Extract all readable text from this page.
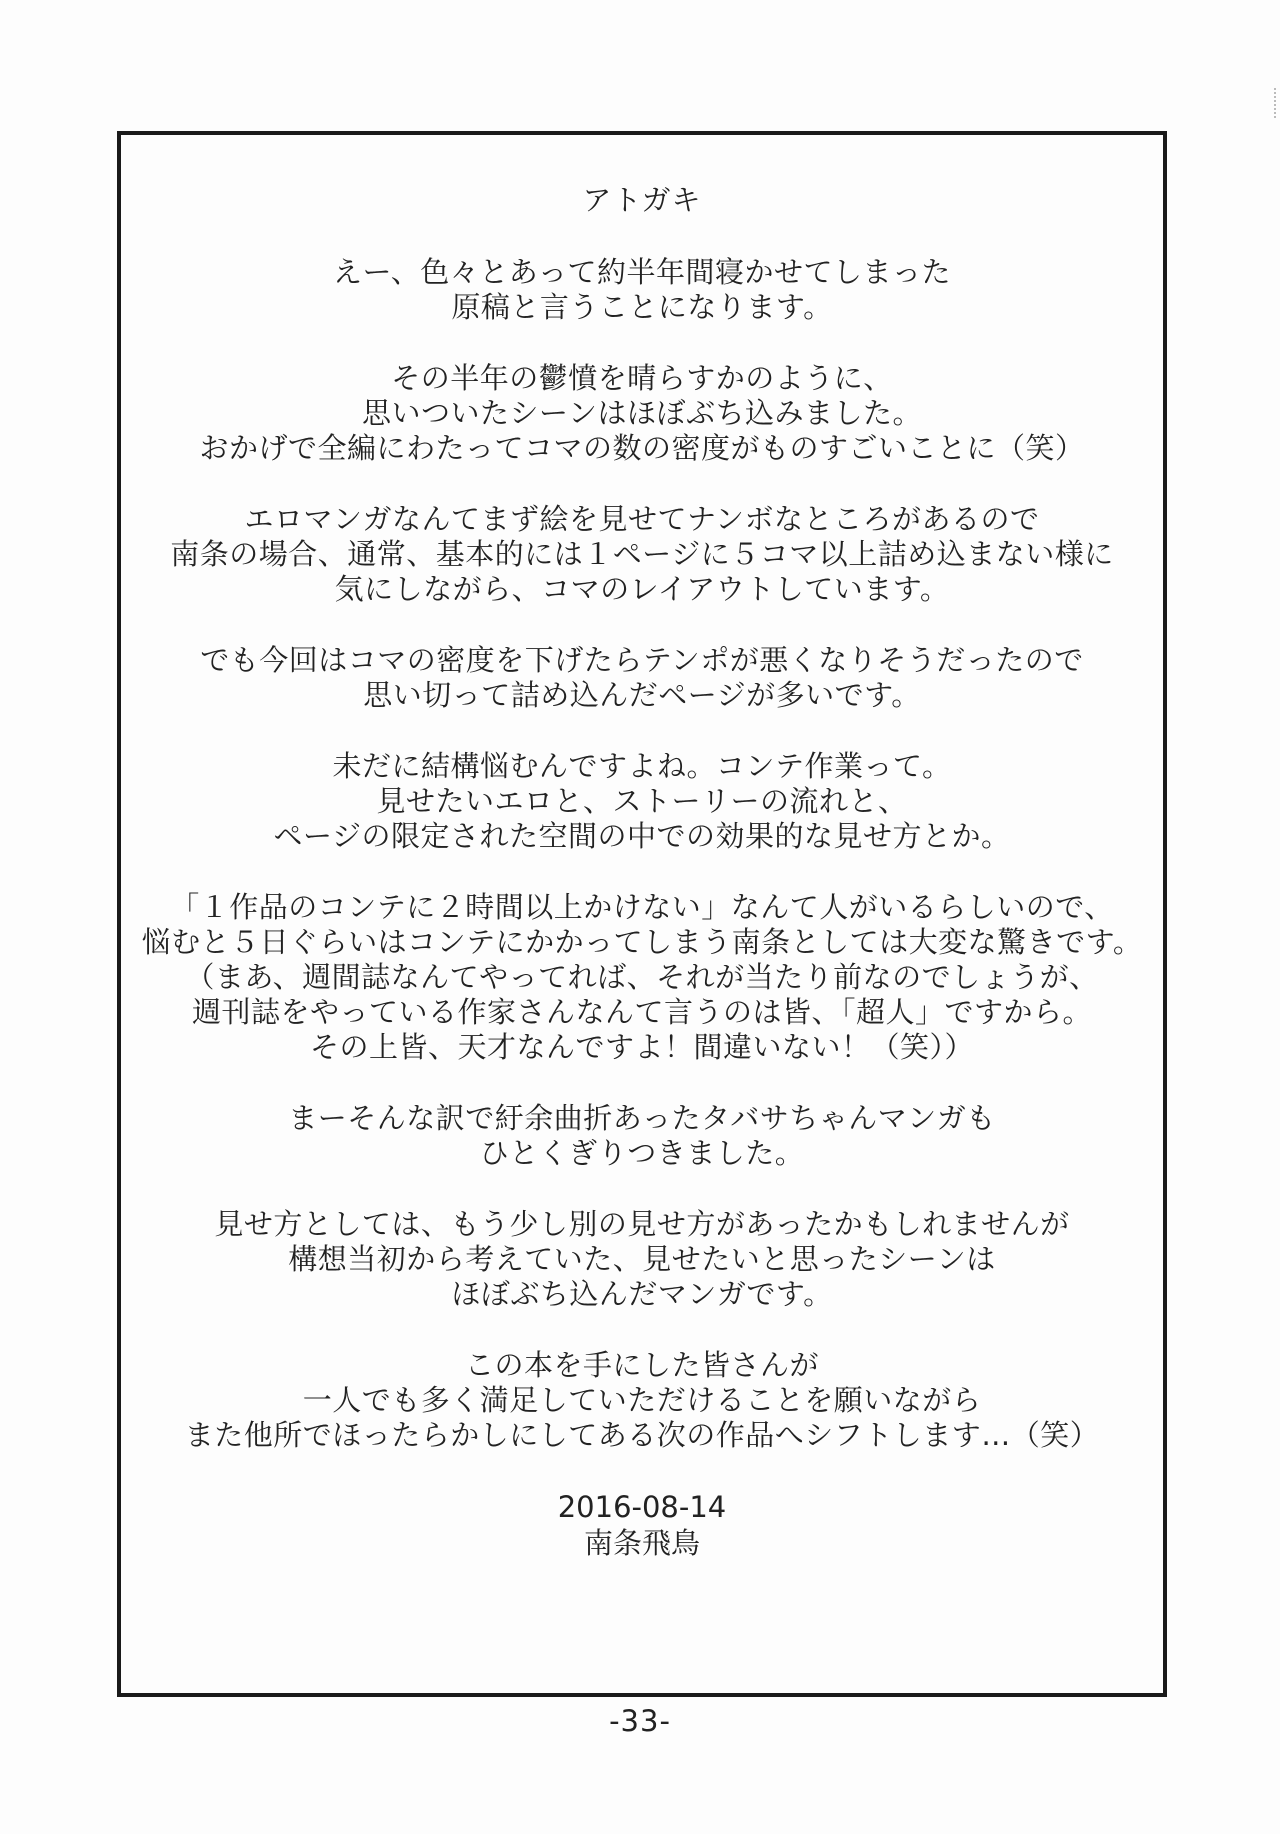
アトガキ
えー、色々とあって約半年間寝かせてしまった
原稿と言うことになります。
その半年の鬱憤を晴らすかのように、
思いついたシーンはほぼぶち込みました。
おかげで全編にわたってコマの数の密度がものすごいことに（笑）
エロマンガなんてまず絵を見せてナンボなところがあるので
南条の場合、通常、基本的には１ページに５コマ以上詰め込まない様に
気にしながら、コマのレイアウトしています。
でも今回はコマの密度を下げたらテンポが悪くなりそうだったので
思い切って詰め込んだページが多いです。
未だに結構悩むんですよね。コンテ作業って。
見せたいエロと、ストーリーの流れと、
ページの限定された空間の中での効果的な見せ方とか。
「１作品のコンテに２時間以上かけない」なんて人がいるらしいので、
悩むと５日ぐらいはコンテにかかってしまう南条としては大変な驚きです。
（まあ、週間誌なんてやってれば、それが当たり前なのでしょうが、
週刊誌をやっている作家さんなんて言うのは皆、「超人」ですから。
その上皆、天才なんですよ！間違いない！（笑））
まーそんな訳で紆余曲折あったタバサちゃんマンガも
ひとくぎりつきました。
見せ方としては、もう少し別の見せ方があったかもしれませんが
構想当初から考えていた、見せたいと思ったシーンは
ほぼぶち込んだマンガです。
この本を手にした皆さんが
一人でも多く満足していただけることを願いながら
また他所でほったらかしにしてある次の作品へシフトします…（笑）
2016-08-14
南条飛鳥
-33-
